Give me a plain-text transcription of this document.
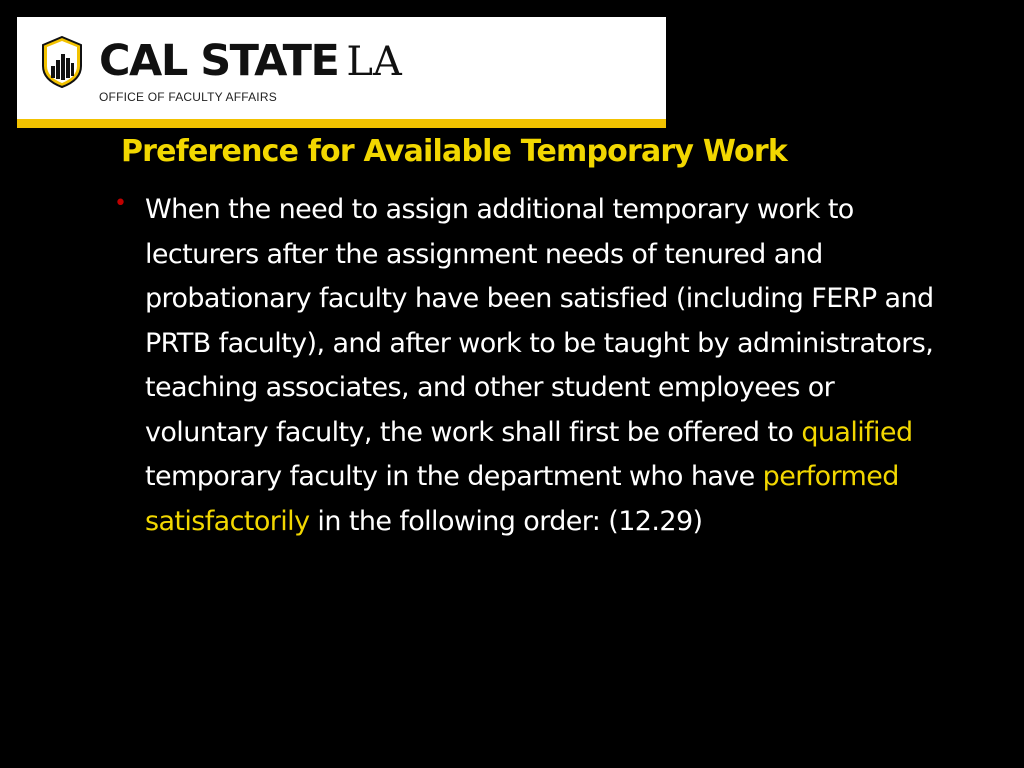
CAL STATE LA
OFFICE OF FACULTY AFFAIRS
Preference for Available Temporary Work
• When the need to assign additional temporary work to lecturers after the assignment needs of tenured and probationary faculty have been satisfied (including FERP and PRTB faculty), and after work to be taught by administrators, teaching associates, and other student employees or voluntary faculty, the work shall first be offered to qualified temporary faculty in the department who have performed satisfactorily in the following order: (12.29)
